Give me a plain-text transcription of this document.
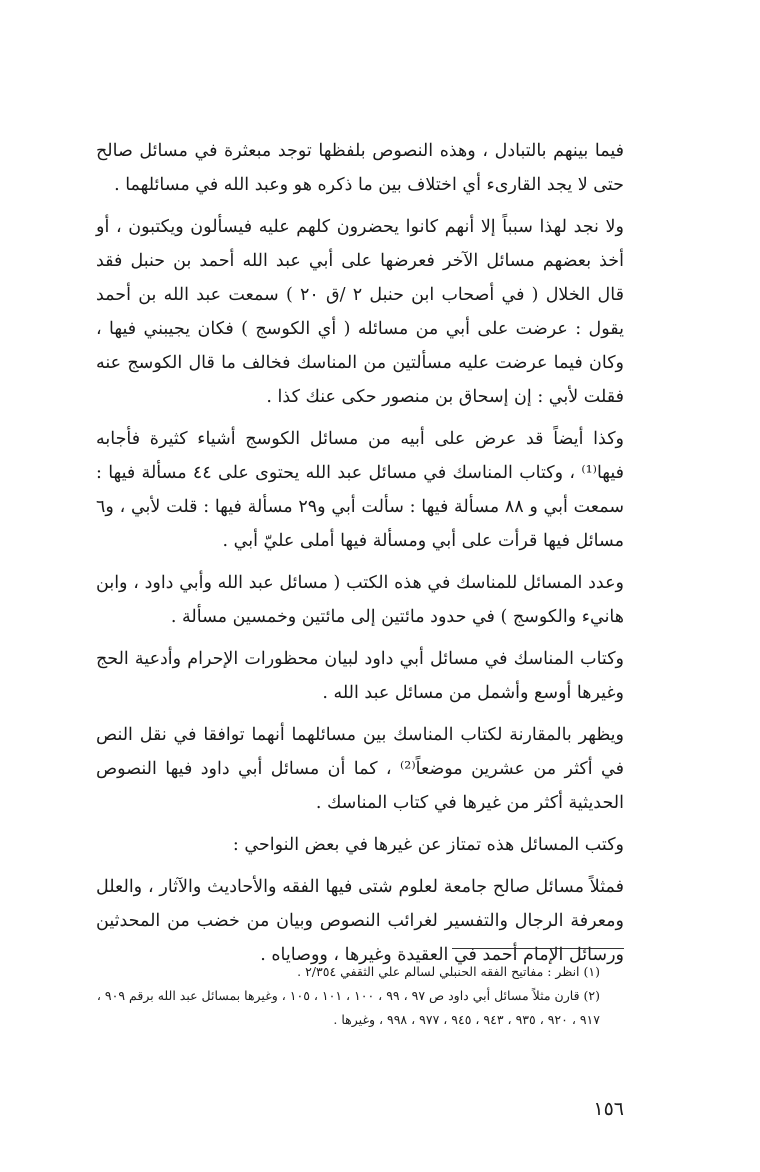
فيما بينهم بالتبادل ، وهذه النصوص بلفظها توجد مبعثرة في مسائل صالح حتى لا يجد القارىء أي اختلاف بين ما ذكره هو وعبد الله في مسائلهما .

ولا نجد لهذا سبباً إلا أنهم كانوا يحضرون كلهم عليه فيسألون ويكتبون ، أو أخذ بعضهم مسائل الآخر فعرضها على أبي عبد الله أحمد بن حنبل فقد قال الخلال ( في أصحاب ابن حنبل ٢ /ق ٢٠ ) سمعت عبد الله بن أحمد يقول : عرضت على أبي من مسائله ( أي الكوسج ) فكان يجيبني فيها ، وكان فيما عرضت عليه مسألتين من المناسك فخالف ما قال الكوسج عنه فقلت لأبي : إن إسحاق بن منصور حكى عنك كذا .

وكذا أيضاً قد عرض على أبيه من مسائل الكوسج أشياء كثيرة فأجابه فيها⁽¹⁾ ، وكتاب المناسك في مسائل عبد الله يحتوى على ٤٤ مسألة فيها : سمعت أبي و ٨٨ مسألة فيها : سألت أبي و٢٩ مسألة فيها : قلت لأبي ، و٦ مسائل فيها قرأت على أبي ومسألة فيها أملى عليّ أبي .

وعدد المسائل للمناسك في هذه الكتب ( مسائل عبد الله وأبي داود ، وابن هانيء والكوسج ) في حدود مائتين إلى مائتين وخمسين مسألة .

وكتاب المناسك في مسائل أبي داود لبيان محظورات الإحرام وأدعية الحج وغيرها أوسع وأشمل من مسائل عبد الله .

ويظهر بالمقارنة لكتاب المناسك بين مسائلهما أنهما توافقا في نقل النص في أكثر من عشرين موضعاً⁽²⁾ ، كما أن مسائل أبي داود فيها النصوص الحديثية أكثر من غيرها في كتاب المناسك .

وكتب المسائل هذه تمتاز عن غيرها في بعض النواحي :

فمثلاً مسائل صالح جامعة لعلوم شتى فيها الفقه والأحاديث والآثار ، والعلل ومعرفة الرجال والتفسير لغرائب النصوص وبيان من خضب من المحدثين ورسائل الإمام أحمد في العقيدة وغيرها ، ووصاياه .

(١) انظر : مفاتيح الفقه الحنبلي لسالم علي الثقفي ٢/٣٥٤ .

(٢) قارن مثلاً مسائل أبي داود ص ٩٧ ، ٩٩ ، ١٠٠ ، ١٠١ ، ١٠٥ ، وغيرها بمسائل عبد الله برقم ٩٠٩ ، ٩١٧ ، ٩٢٠ ، ٩٣٥ ، ٩٤٣ ، ٩٤٥ ، ٩٧٧ ، ٩٩٨ ، وغيرها .

١٥٦
